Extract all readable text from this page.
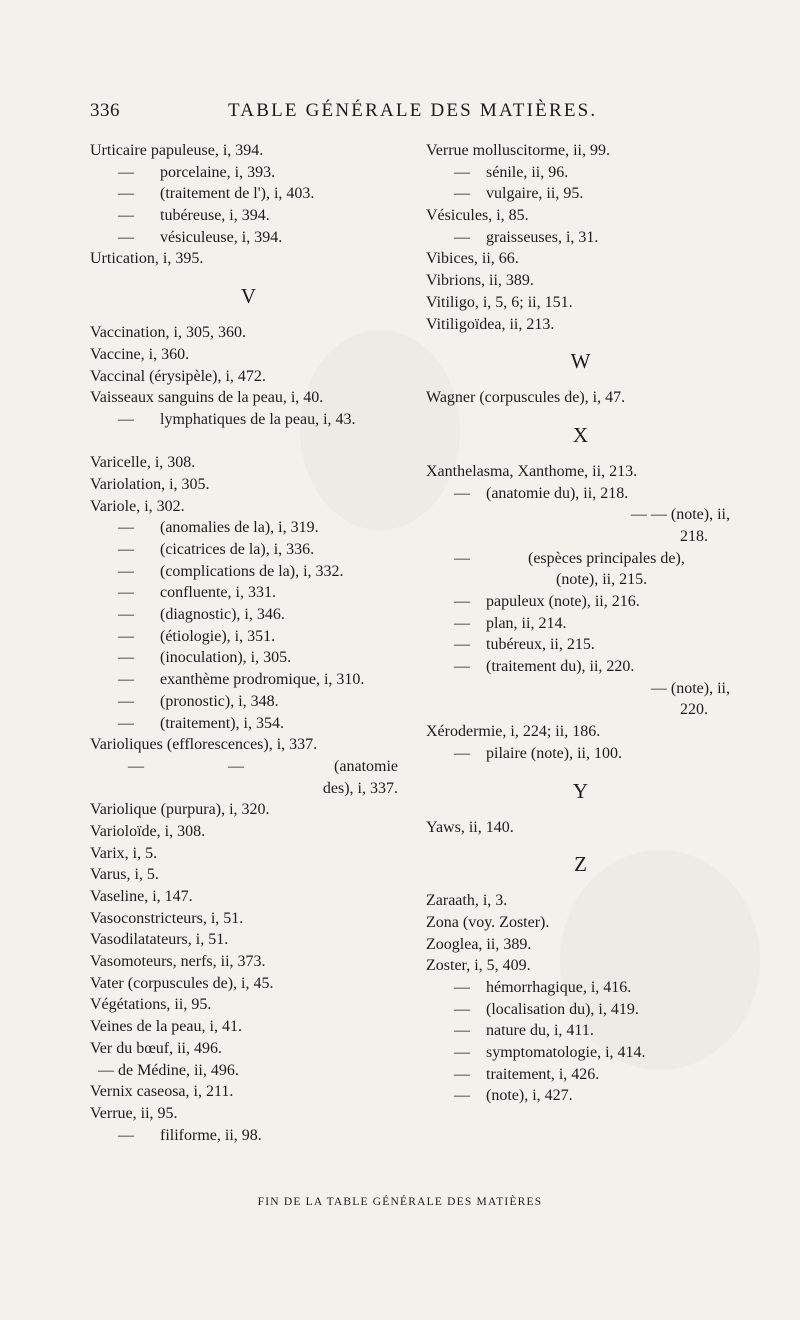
336	TABLE GÉNÉRALE DES MATIÈRES.
Urticaire papuleuse, i, 394.
— porcelaine, i, 393.
— (traitement de l'), i, 403.
— tubéreuse, i, 394.
— vésiculeuse, i, 394.
Urtication, i, 395.
V
Vaccination, i, 305, 360.
Vaccine, i, 360.
Vaccinal (érysipèle), i, 472.
Vaisseaux sanguins de la peau, i, 40.
— lymphatiques de la peau, i, 43.
Varicelle, i, 308.
Variolation, i, 305.
Variole, i, 302.
— (anomalies de la), i, 319.
— (cicatrices de la), i, 336.
— (complications de la), i, 332.
— confluente, i, 331.
— (diagnostic), i, 346.
— (étiologie), i, 351.
— (inoculation), i, 305.
— exanthème prodromique, i, 310.
— (pronostic), i, 348.
— (traitement), i, 354.
Varioliques (efflorescences), i, 337.
—	—	(anatomie
des), i, 337.
Variolique (purpura), i, 320.
Varioloïde, i, 308.
Varix, i, 5.
Varus, i, 5.
Vaseline, i, 147.
Vasoconstricteurs, i, 51.
Vasodilatateurs, i, 51.
Vasomoteurs, nerfs, ii, 373.
Vater (corpuscules de), i, 45.
Végétations, ii, 95.
Veines de la peau, i, 41.
Ver du bœuf, ii, 496.
— de Médine, ii, 496.
Vernix caseosa, i, 211.
Verrue, ii, 95.
— filiforme, ii, 98.
Verrue molluscitorme, ii, 99.
— sénile, ii, 96.
— vulgaire, ii, 95.
Vésicules, i, 85.
— graisseuses, i, 31.
Vibices, ii, 66.
Vibrions, ii, 389.
Vitiligo, i, 5, 6; ii, 151.
Vitiligoïdea, ii, 213.
W
Wagner (corpuscules de), i, 47.
X
Xanthelasma, Xanthome, ii, 213.
— (anatomie du), ii, 218.
— — (note), ii,
218.
—	(espèces principales de),
(note), ii, 215.
— papuleux (note), ii, 216.
— plan, ii, 214.
— tubéreux, ii, 215.
— (traitement du), ii, 220.
— (note), ii,
220.
Xérodermie, i, 224; ii, 186.
— pilaire (note), ii, 100.
Y
Yaws, ii, 140.
Z
Zaraath, i, 3.
Zona (voy. Zoster).
Zooglea, ii, 389.
Zoster, i, 5, 409.
— hémorrhagique, i, 416.
— (localisation du), i, 419.
— nature du, i, 411.
— symptomatologie, i, 414.
— traitement, i, 426.
— (note), i, 427.
FIN DE LA TABLE GÉNÉRALE DES MATIÈRES
